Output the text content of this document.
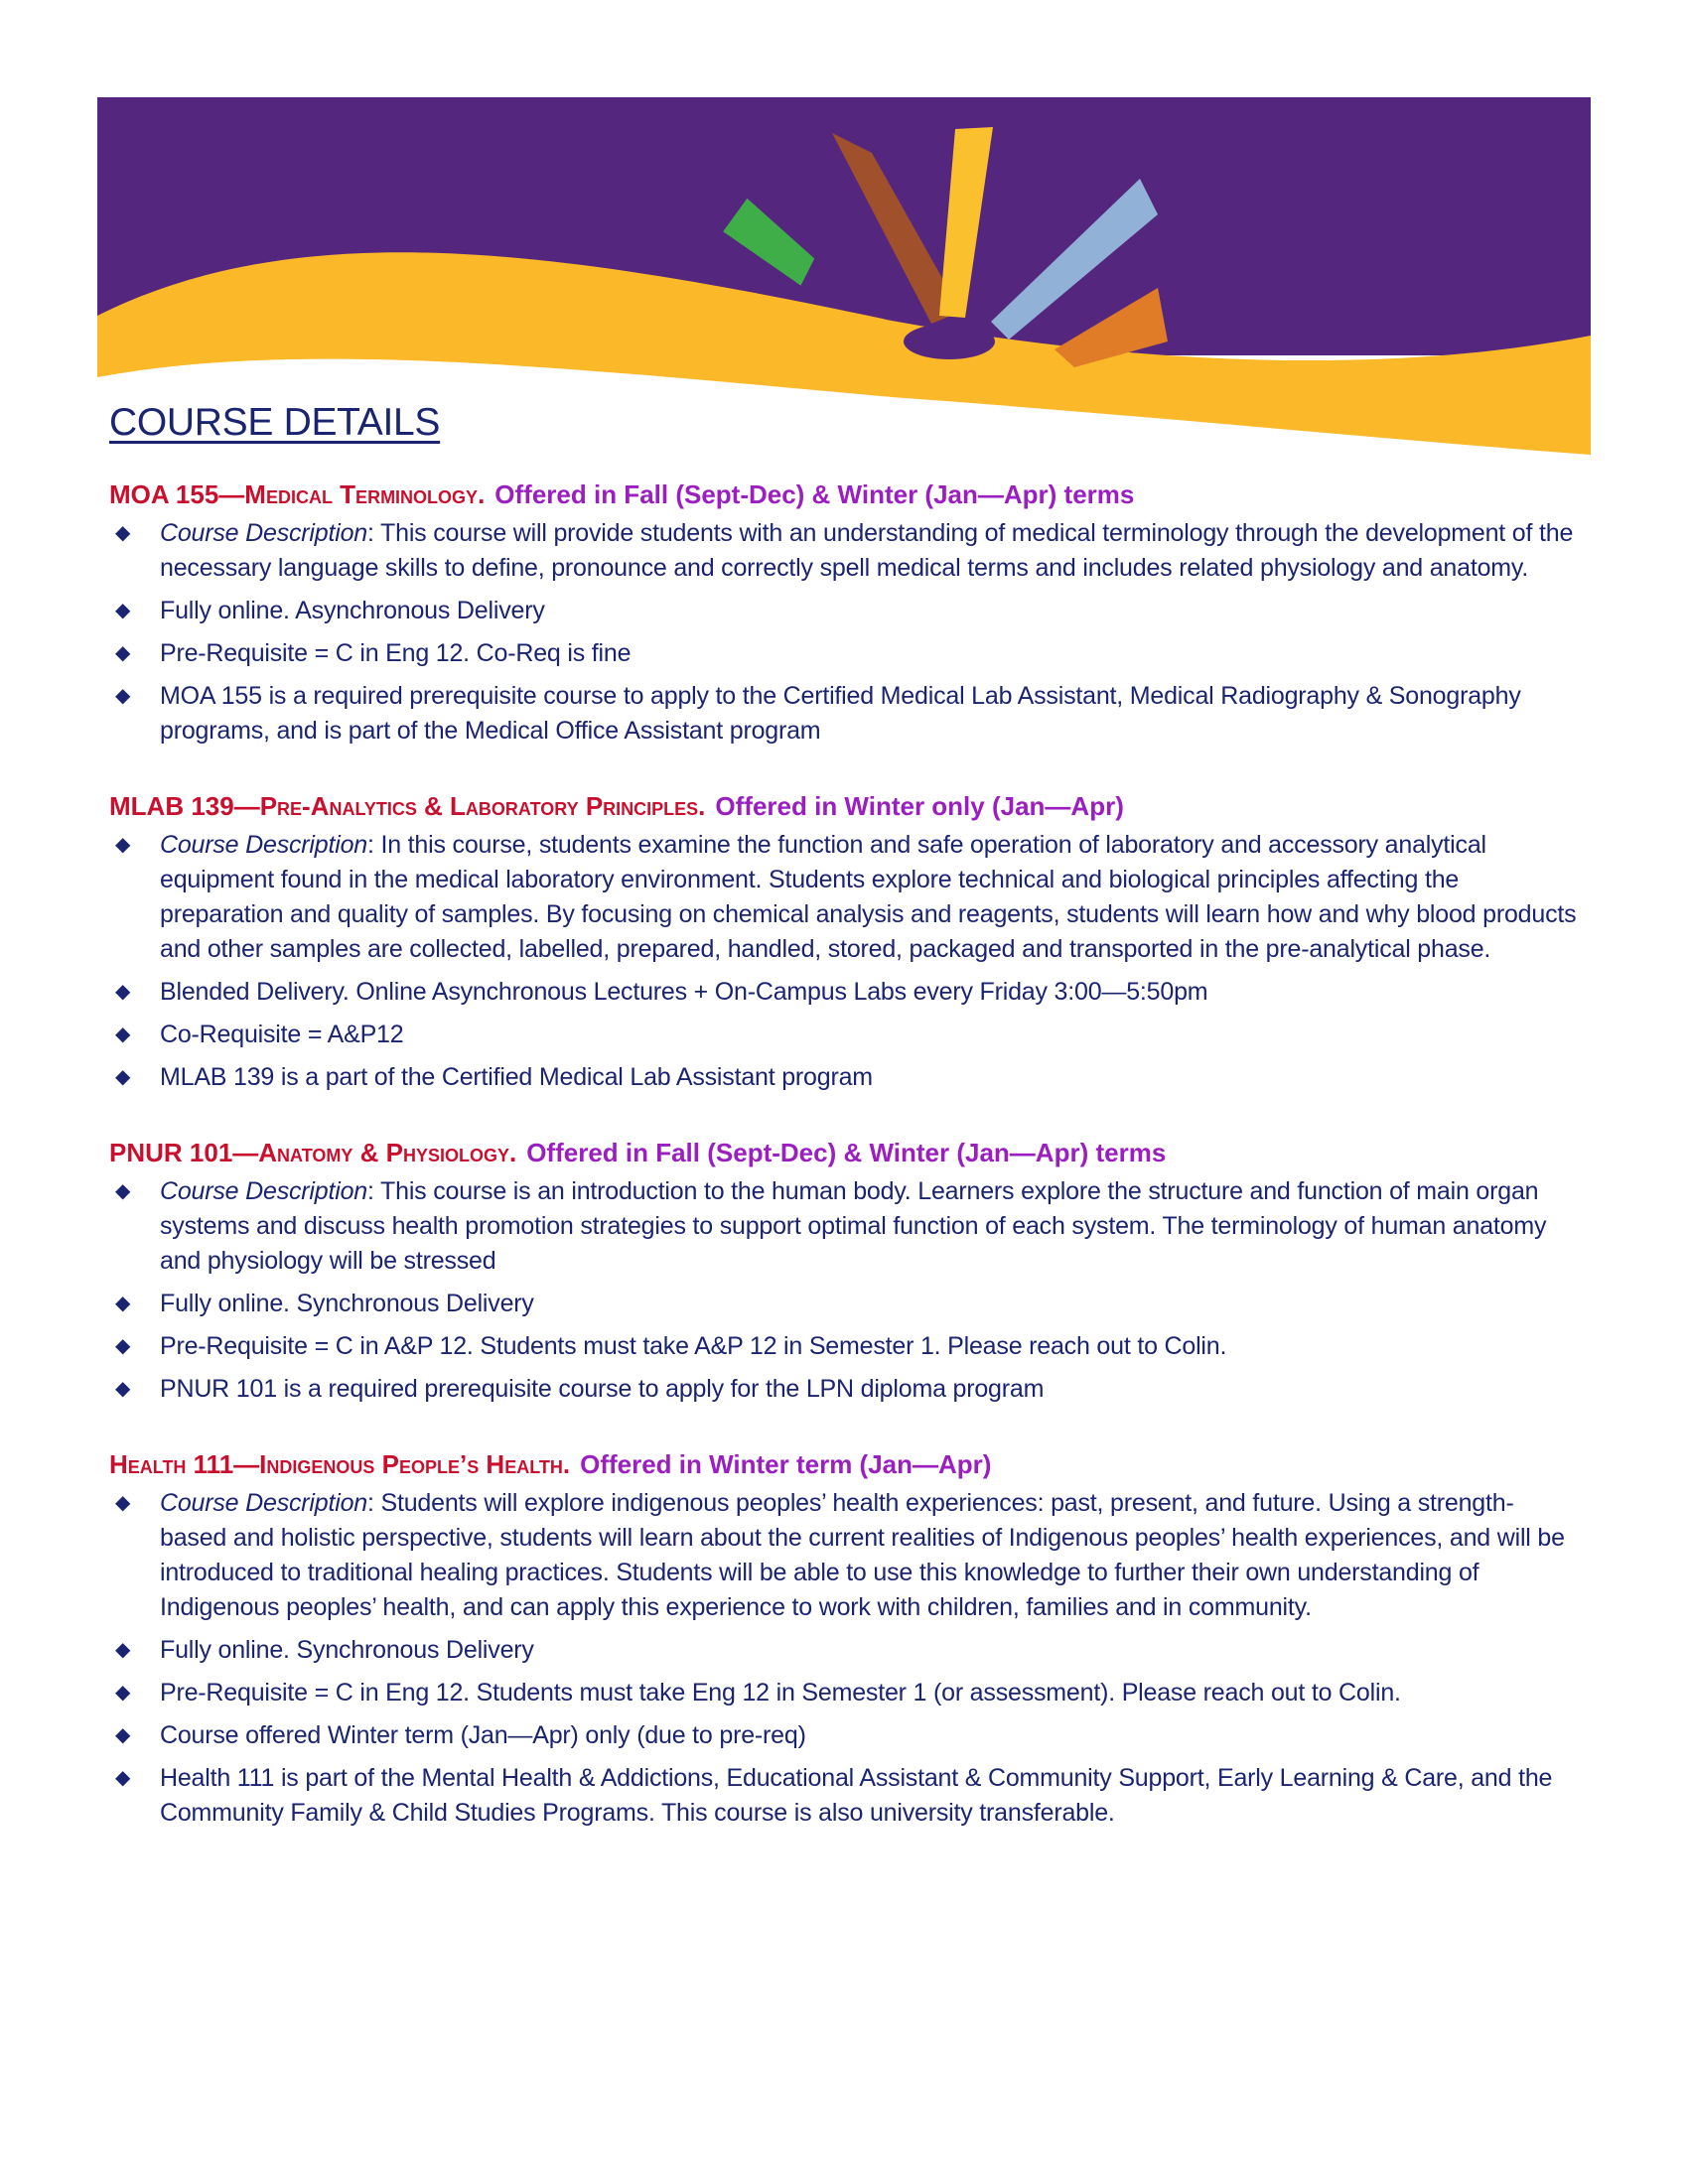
COURSE DETAILS
MOA 155—Medical Terminology. Offered in Fall (Sept-Dec) & Winter (Jan—Apr) terms
◆ Course Description: This course will provide students with an understanding of medical terminology through the development of the necessary language skills to define, pronounce and correctly spell medical terms and includes related physiology and anatomy.
◆ Fully online. Asynchronous Delivery
◆ Pre-Requisite = C in Eng 12. Co-Req is fine
◆ MOA 155 is a required prerequisite course to apply to the Certified Medical Lab Assistant, Medical Radiography & Sonography programs, and is part of the Medical Office Assistant program
MLAB 139—Pre-Analytics & Laboratory Principles. Offered in Winter only (Jan—Apr)
◆ Course Description: In this course, students examine the function and safe operation of laboratory and accessory analytical equipment found in the medical laboratory environment. Students explore technical and biological principles affecting the preparation and quality of samples. By focusing on chemical analysis and reagents, students will learn how and why blood products and other samples are collected, labelled, prepared, handled, stored, packaged and transported in the pre-analytical phase.
◆ Blended Delivery. Online Asynchronous Lectures + On-Campus Labs every Friday 3:00—5:50pm
◆ Co-Requisite = A&P12
◆ MLAB 139 is a part of the Certified Medical Lab Assistant program
PNUR 101—Anatomy & Physiology. Offered in Fall (Sept-Dec) & Winter (Jan—Apr) terms
◆ Course Description: This course is an introduction to the human body. Learners explore the structure and function of main organ systems and discuss health promotion strategies to support optimal function of each system. The terminology of human anatomy and physiology will be stressed
◆ Fully online. Synchronous Delivery
◆ Pre-Requisite = C in A&P 12. Students must take A&P 12 in Semester 1. Please reach out to Colin.
◆ PNUR 101 is a required prerequisite course to apply for the LPN diploma program
Health 111—Indigenous People’s Health. Offered in Winter term (Jan—Apr)
◆ Course Description: Students will explore indigenous peoples’ health experiences: past, present, and future. Using a strength-based and holistic perspective, students will learn about the current realities of Indigenous peoples’ health experiences, and will be introduced to traditional healing practices. Students will be able to use this knowledge to further their own understanding of Indigenous peoples’ health, and can apply this experience to work with children, families and in community.
◆ Fully online. Synchronous Delivery
◆ Pre-Requisite = C in Eng 12. Students must take Eng 12 in Semester 1 (or assessment). Please reach out to Colin.
◆ Course offered Winter term (Jan—Apr) only (due to pre-req)
◆ Health 111 is part of the Mental Health & Addictions, Educational Assistant & Community Support, Early Learning & Care, and the Community Family & Child Studies Programs. This course is also university transferable.
